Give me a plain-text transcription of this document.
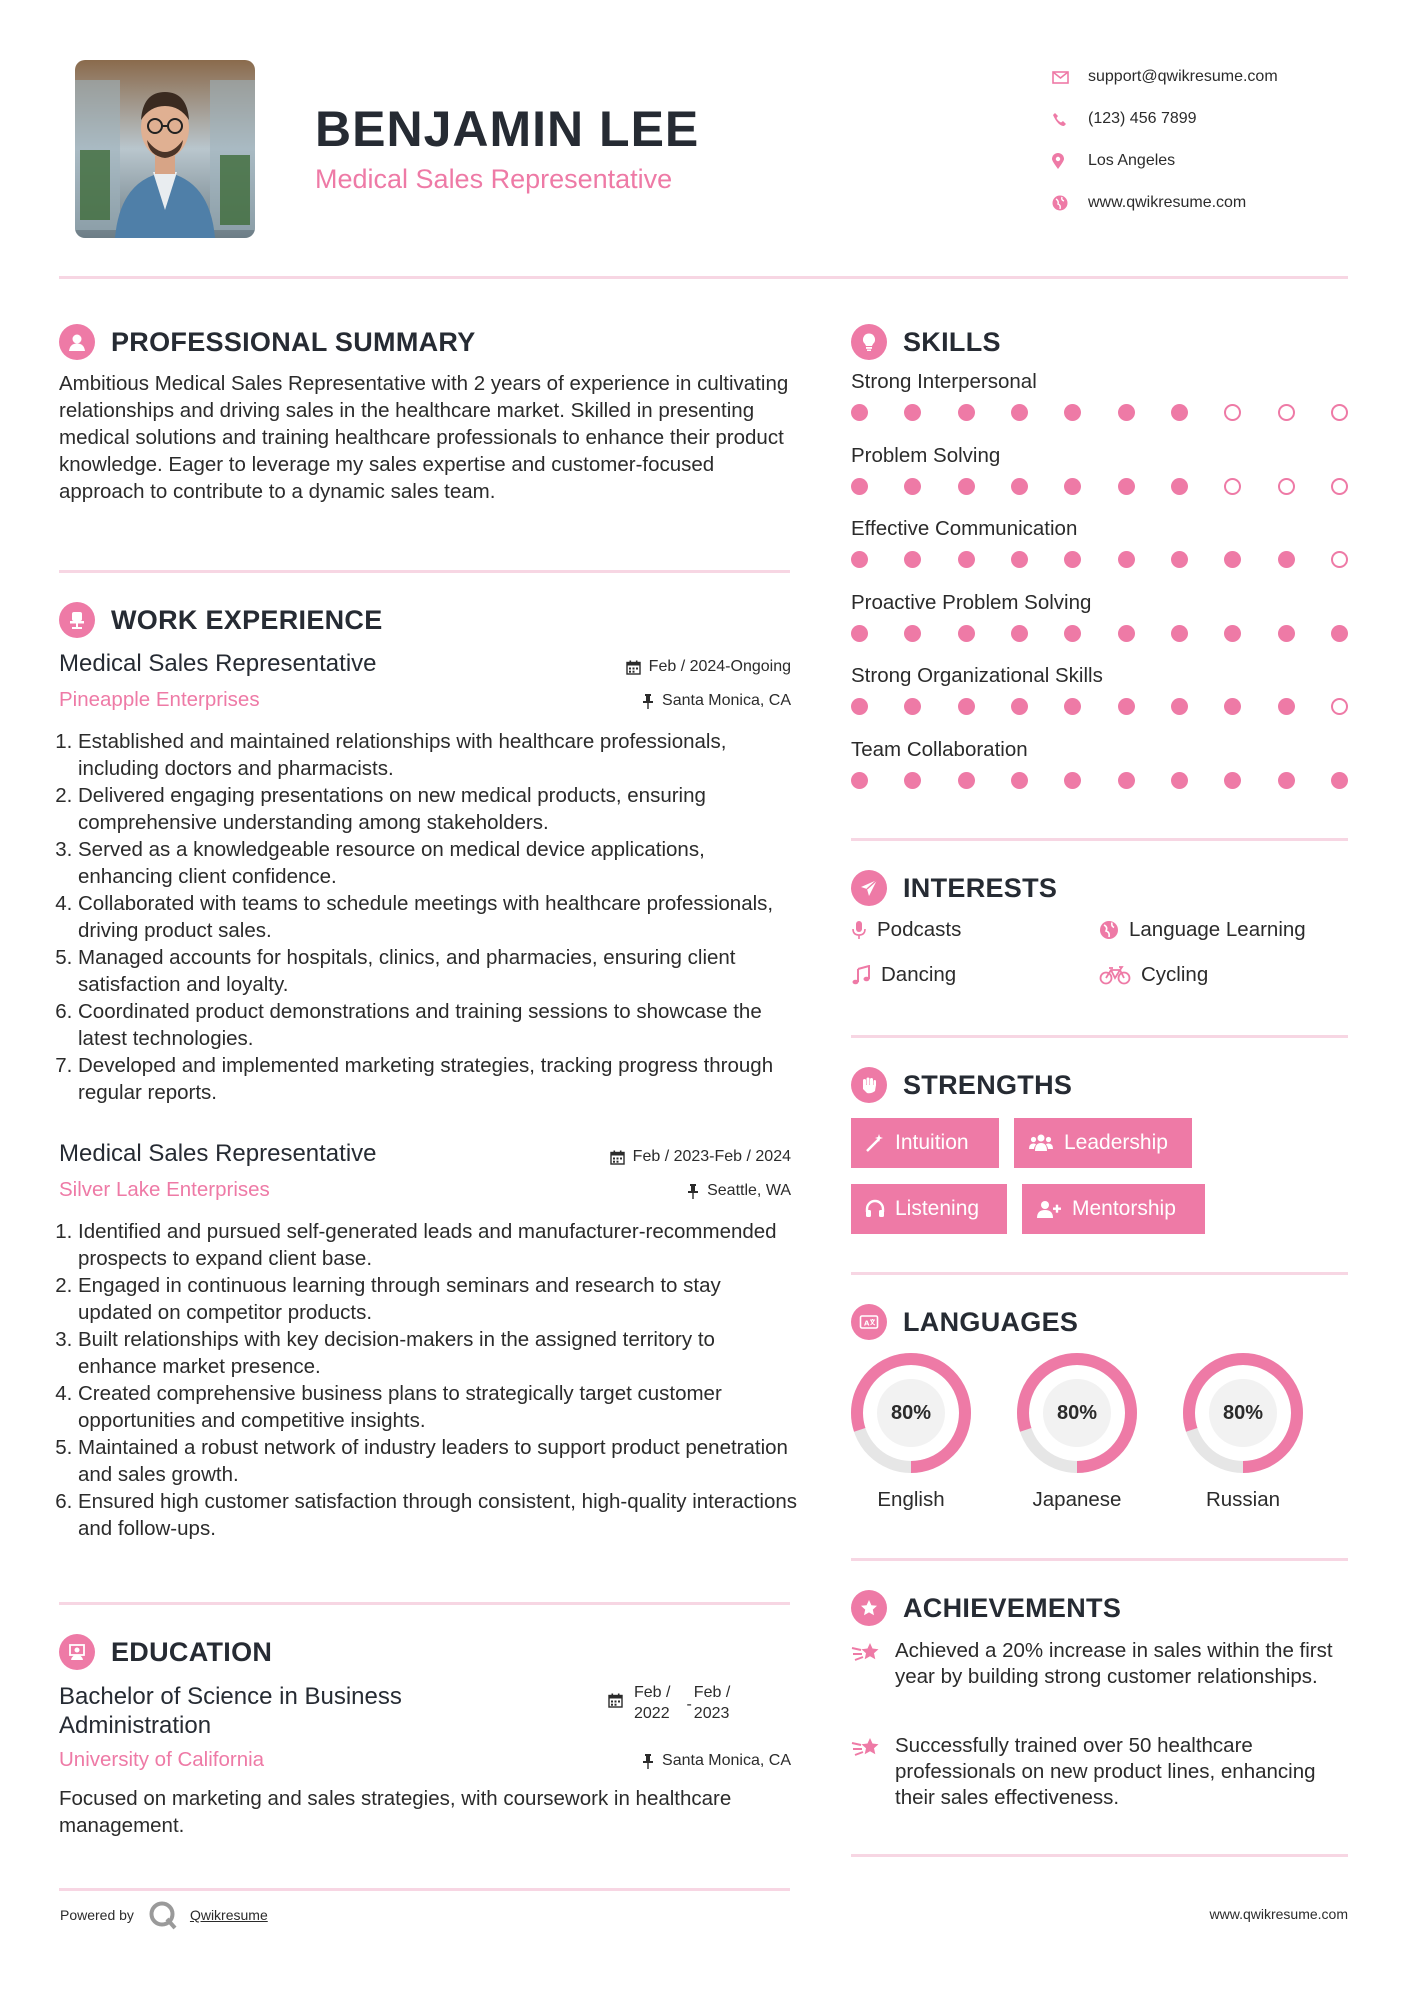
BENJAMIN LEE
Medical Sales Representative
support@qwikresume.com
(123) 456 7899
Los Angeles
www.qwikresume.com
PROFESSIONAL SUMMARY
Ambitious Medical Sales Representative with 2 years of experience in cultivating relationships and driving sales in the healthcare market. Skilled in presenting medical solutions and training healthcare professionals to enhance their product knowledge. Eager to leverage my sales expertise and customer-focused approach to contribute to a dynamic sales team.
WORK EXPERIENCE
Medical Sales Representative	Feb / 2024-Ongoing
Pineapple Enterprises	Santa Monica, CA
1. Established and maintained relationships with healthcare professionals, including doctors and pharmacists.
2. Delivered engaging presentations on new medical products, ensuring comprehensive understanding among stakeholders.
3. Served as a knowledgeable resource on medical device applications, enhancing client confidence.
4. Collaborated with teams to schedule meetings with healthcare professionals, driving product sales.
5. Managed accounts for hospitals, clinics, and pharmacies, ensuring client satisfaction and loyalty.
6. Coordinated product demonstrations and training sessions to showcase the latest technologies.
7. Developed and implemented marketing strategies, tracking progress through regular reports.
Medical Sales Representative	Feb / 2023-Feb / 2024
Silver Lake Enterprises	Seattle, WA
1. Identified and pursued self-generated leads and manufacturer-recommended prospects to expand client base.
2. Engaged in continuous learning through seminars and research to stay updated on competitor products.
3. Built relationships with key decision-makers in the assigned territory to enhance market presence.
4. Created comprehensive business plans to strategically target customer opportunities and competitive insights.
5. Maintained a robust network of industry leaders to support product penetration and sales growth.
6. Ensured high customer satisfaction through consistent, high-quality interactions and follow-ups.
EDUCATION
Bachelor of Science in Business
Administration
Feb /
2022
-
Feb /
2023
University of California	Santa Monica, CA
Focused on marketing and sales strategies, with coursework in healthcare management.
SKILLS
Strong Interpersonal
Problem Solving
Effective Communication
Proactive Problem Solving
Strong Organizational Skills
Team Collaboration
INTERESTS
Podcasts	Language Learning
Dancing	Cycling
STRENGTHS
Intuition	Leadership
Listening	Mentorship
A LANGUAGES
80%
English
80%
Japanese
80%
Russian
ACHIEVEMENTS
Achieved a 20% increase in sales within the first year by building strong customer relationships.
Successfully trained over 50 healthcare professionals on new product lines, enhancing their sales effectiveness.
Powered by	Qwikresume	www.qwikresume.com
